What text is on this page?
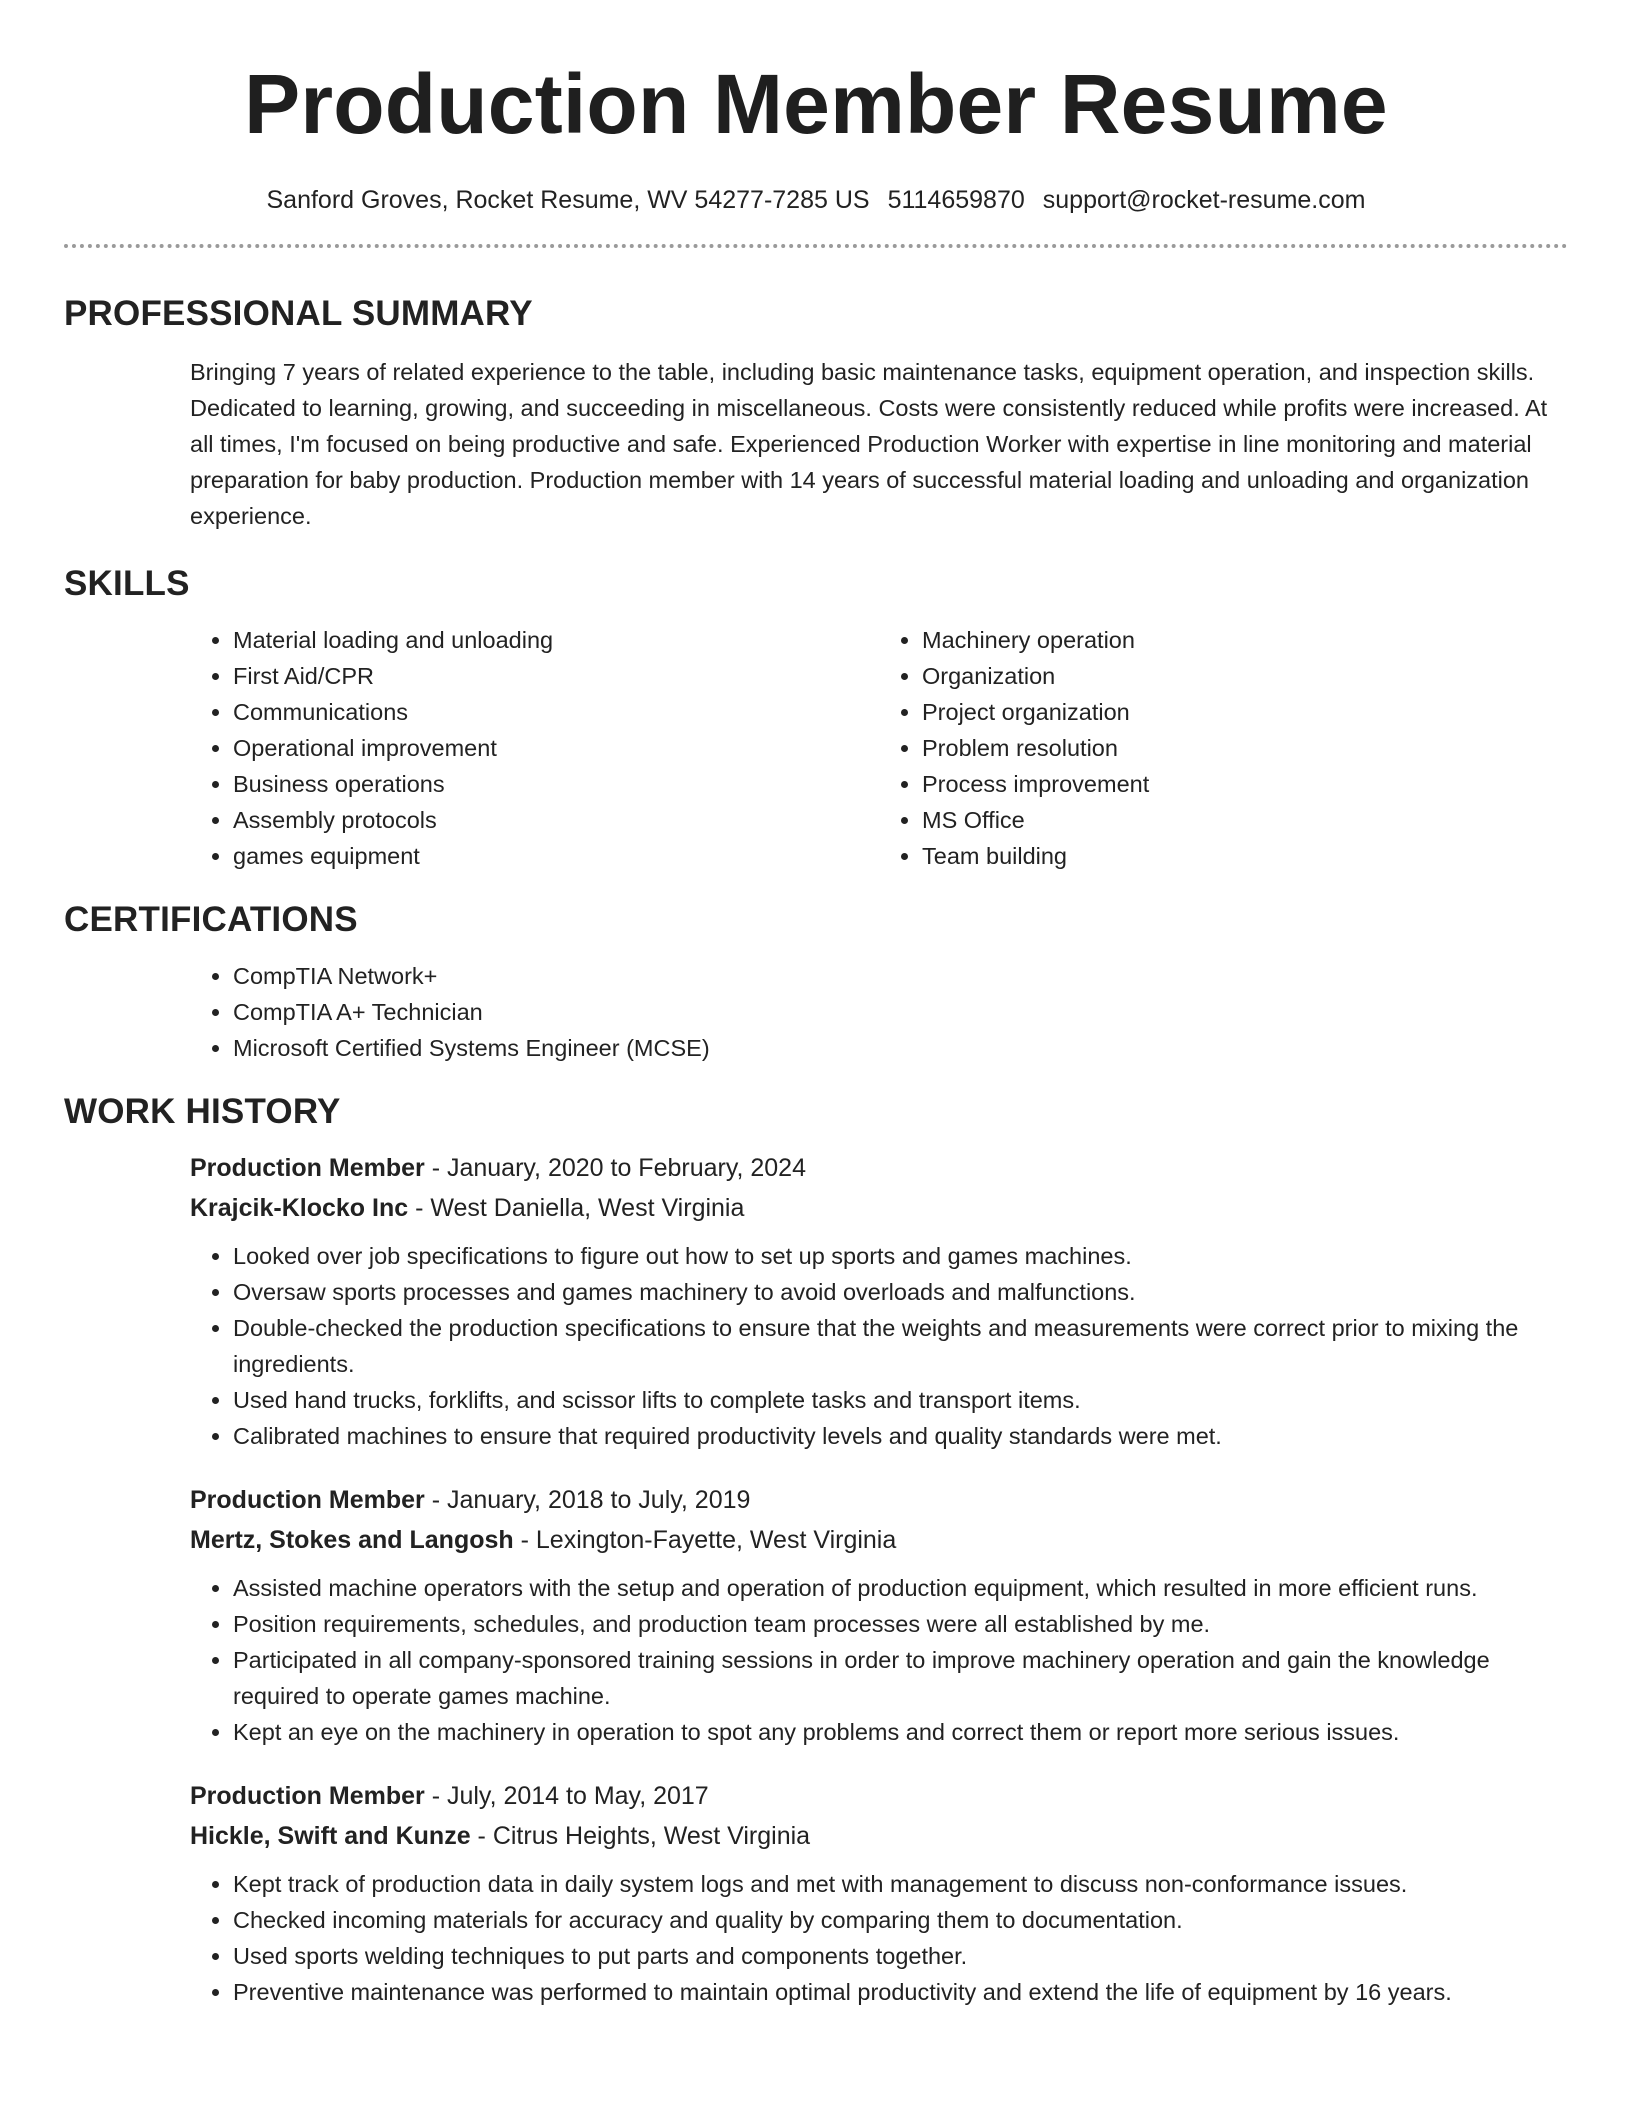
Production Member Resume
Sanford Groves, Rocket Resume, WV 54277-7285 US 5114659870 support@rocket-resume.com
PROFESSIONAL SUMMARY
Bringing 7 years of related experience to the table, including basic maintenance tasks, equipment operation, and inspection skills. Dedicated to learning, growing, and succeeding in miscellaneous. Costs were consistently reduced while profits were increased. At all times, I'm focused on being productive and safe. Experienced Production Worker with expertise in line monitoring and material preparation for baby production. Production member with 14 years of successful material loading and unloading and organization experience.
SKILLS
• Material loading and unloading
• First Aid/CPR
• Communications
• Operational improvement
• Business operations
• Assembly protocols
• games equipment
• Machinery operation
• Organization
• Project organization
• Problem resolution
• Process improvement
• MS Office
• Team building
CERTIFICATIONS
• CompTIA Network+
• CompTIA A+ Technician
• Microsoft Certified Systems Engineer (MCSE)
WORK HISTORY
Production Member - January, 2020 to February, 2024
Krajcik-Klocko Inc - West Daniella, West Virginia
• Looked over job specifications to figure out how to set up sports and games machines.
• Oversaw sports processes and games machinery to avoid overloads and malfunctions.
• Double-checked the production specifications to ensure that the weights and measurements were correct prior to mixing the ingredients.
• Used hand trucks, forklifts, and scissor lifts to complete tasks and transport items.
• Calibrated machines to ensure that required productivity levels and quality standards were met.
Production Member - January, 2018 to July, 2019
Mertz, Stokes and Langosh - Lexington-Fayette, West Virginia
• Assisted machine operators with the setup and operation of production equipment, which resulted in more efficient runs.
• Position requirements, schedules, and production team processes were all established by me.
• Participated in all company-sponsored training sessions in order to improve machinery operation and gain the knowledge required to operate games machine.
• Kept an eye on the machinery in operation to spot any problems and correct them or report more serious issues.
Production Member - July, 2014 to May, 2017
Hickle, Swift and Kunze - Citrus Heights, West Virginia
• Kept track of production data in daily system logs and met with management to discuss non-conformance issues.
• Checked incoming materials for accuracy and quality by comparing them to documentation.
• Used sports welding techniques to put parts and components together.
• Preventive maintenance was performed to maintain optimal productivity and extend the life of equipment by 16 years.
